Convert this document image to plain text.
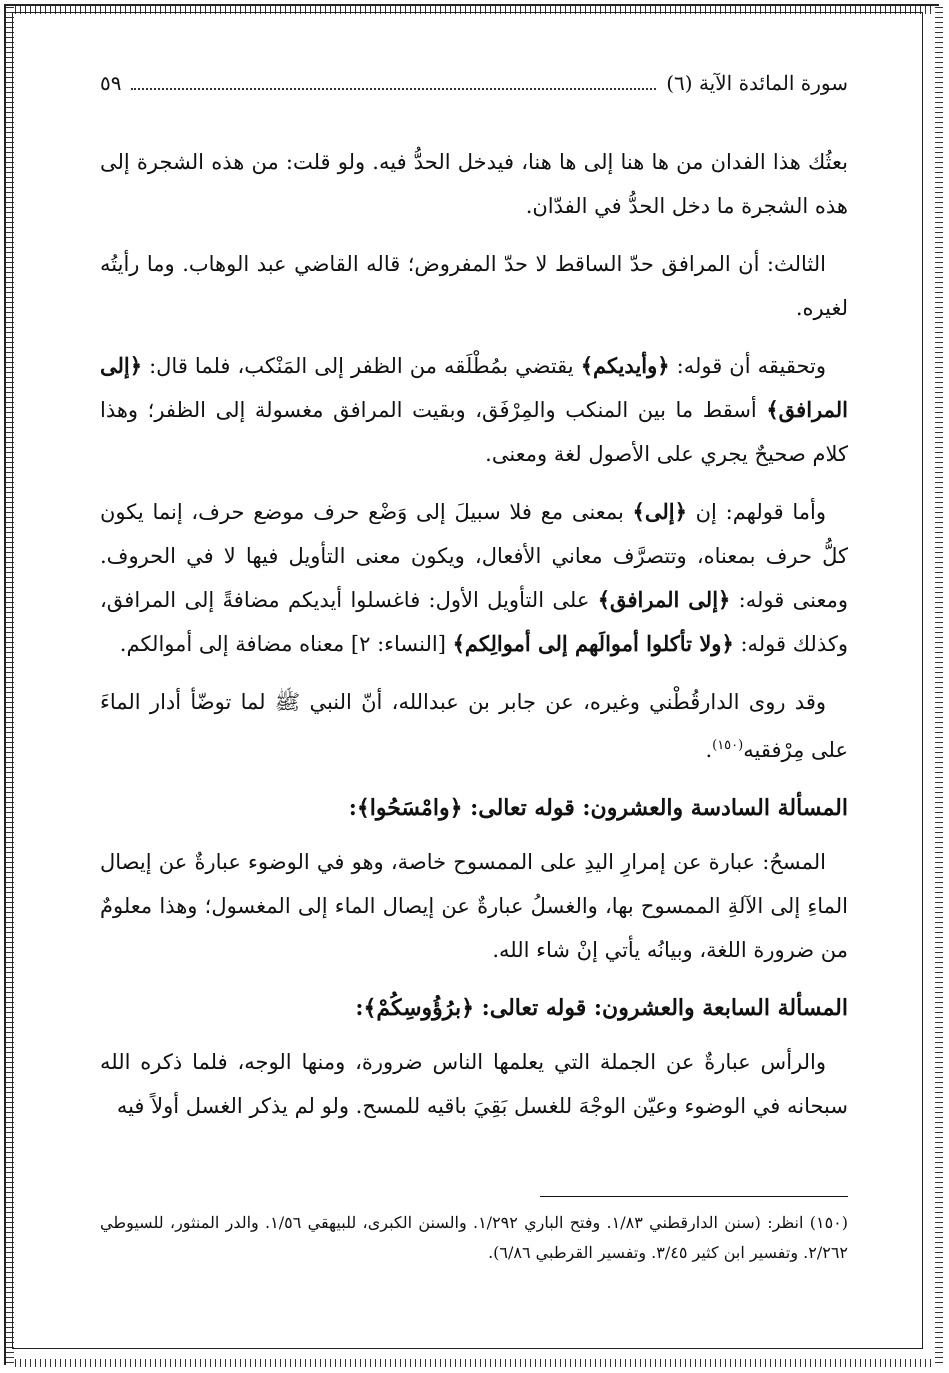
سورة المائدة الآية (٦)
٥٩

بعثُك هذا الفدان من ها هنا إلى ها هنا، فيدخل الحدُّ فيه. ولو قلت: من هذه الشجرة إلى هذه الشجرة ما دخل الحدُّ في الفدّان.

الثالث: أن المرافق حدّ الساقط لا حدّ المفروض؛ قاله القاضي عبد الوهاب. وما رأيتُه لغيره.

وتحقيقه أن قوله: ﴿وأيديكم﴾ يقتضي بمُطْلَقه من الظفر إلى المَنْكب، فلما قال: ﴿إلى المرافق﴾ أسقط ما بين المنكب والمِرْفَق، وبقيت المرافق مغسولة إلى الظفر؛ وهذا كلام صحيحٌ يجري على الأصول لغة ومعنى.

وأما قولهم: إن ﴿إلى﴾ بمعنى مع فلا سبيلَ إلى وَضْع حرف موضع حرف، إنما يكون كلُّ حرف بمعناه، وتتصرَّف معاني الأفعال، ويكون معنى التأويل فيها لا في الحروف. ومعنى قوله: ﴿إلى المرافق﴾ على التأويل الأول: فاغسلوا أيديكم مضافةً إلى المرافق، وكذلك قوله: ﴿ولا تأكلوا أموالَهم إلى أموالِكم﴾ [النساء: ٢] معناه مضافة إلى أموالكم.

وقد روى الدارقُطْني وغيره، عن جابر بن عبدالله، أنّ النبي ﷺ لما توضّأ أدار الماءَ على مِرْفقيه$^{(١٥٠)}$.

المسألة السادسة والعشرون: قوله تعالى: ﴿وامْسَحُوا﴾:

المسحُ: عبارة عن إمرارِ اليدِ على الممسوح خاصة، وهو في الوضوء عبارةٌ عن إيصال الماءِ إلى الآلةِ الممسوح بها، والغسلُ عبارةٌ عن إيصال الماء إلى المغسول؛ وهذا معلومٌ من ضرورة اللغة، وبيانُه يأتي إنْ شاء الله.

المسألة السابعة والعشرون: قوله تعالى: ﴿برُؤُوسِكُمْ﴾:

والرأس عبارةٌ عن الجملة التي يعلمها الناس ضرورة، ومنها الوجه، فلما ذكره الله سبحانه في الوضوء وعيّن الوجْهَ للغسل بَقِيَ باقيه للمسح. ولو لم يذكر الغسل أولاً فيه

(١٥٠) انظر: (سنن الدارقطني ١/٨٣. وفتح الباري ١/٢٩٢. والسنن الكبرى، للبيهقي ١/٥٦. والدر المنثور، للسيوطي ٢/٢٦٢. وتفسير ابن كثير ٣/٤٥. وتفسير القرطبي ٦/٨٦).
